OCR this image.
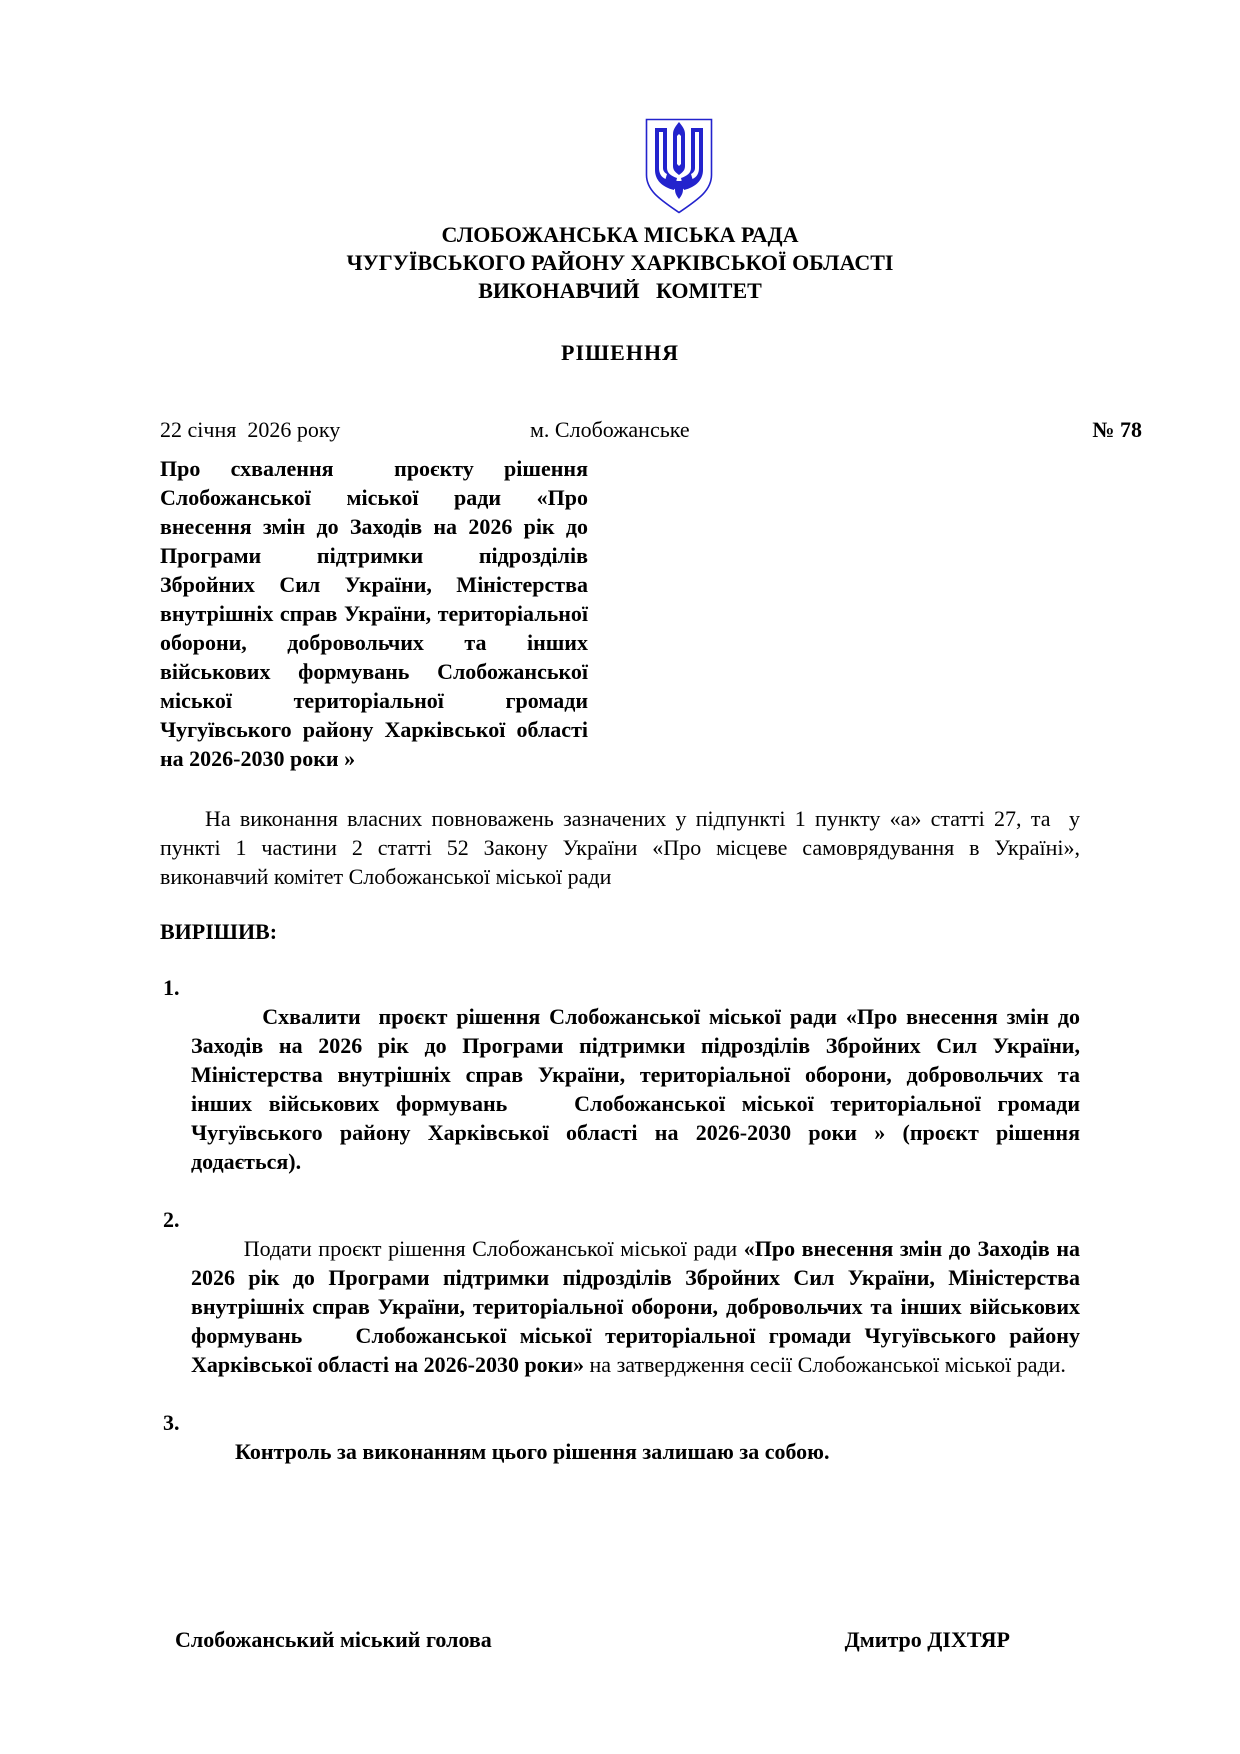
СЛОБОЖАНСЬКА МІСЬКА РАДА
ЧУГУЇВСЬКОГО РАЙОНУ ХАРКІВСЬКОЇ ОБЛАСТІ
ВИКОНАВЧИЙ   КОМІТЕТ
РІШЕННЯ
22 січня  2026 року	м. Слобожанське	№ 78
Про схвалення  проєкту рішення Слобожанської міської ради «Про внесення змін до Заходів на 2026 рік до Програми підтримки підрозділів Збройних Сил України, Міністерства внутрішніх справ України, територіальної оборони, добровольчих та інших військових формувань Слобожанської міської територіальної громади Чугуївського району Харківської області на 2026-2030 роки »
На виконання власних повноважень зазначених у підпункті 1 пункту «а» статті 27, та  у пункті 1 частини 2 статті 52 Закону України «Про місцеве самоврядування в Україні», виконавчий комітет Слобожанської міської ради
ВИРІШИВ:

1.
Схвалити  проєкт рішення Слобожанської міської ради «Про внесення змін до  Заходів на 2026 рік до Програми підтримки підрозділів Збройних Сил України, Міністерства внутрішніх справ України, територіальної оборони, добровольчих та інших військових формувань    Слобожанської міської територіальної громади Чугуївського району Харківської області на 2026-2030 роки » (проєкт рішення додається).

2.
Подати проєкт рішення Слобожанської міської ради «Про внесення змін до Заходів на 2026 рік до Програми підтримки підрозділів Збройних Сил України, Міністерства внутрішніх справ України, територіальної оборони, добровольчих та інших військових формувань    Слобожанської міської територіальної громади Чугуївського району Харківської області на 2026-2030 роки» на затвердження сесії Слобожанської міської ради.

3.
Контроль за виконанням цього рішення залишаю за собою.

Слобожанський міський голова	Дмитро ДІХТЯР
